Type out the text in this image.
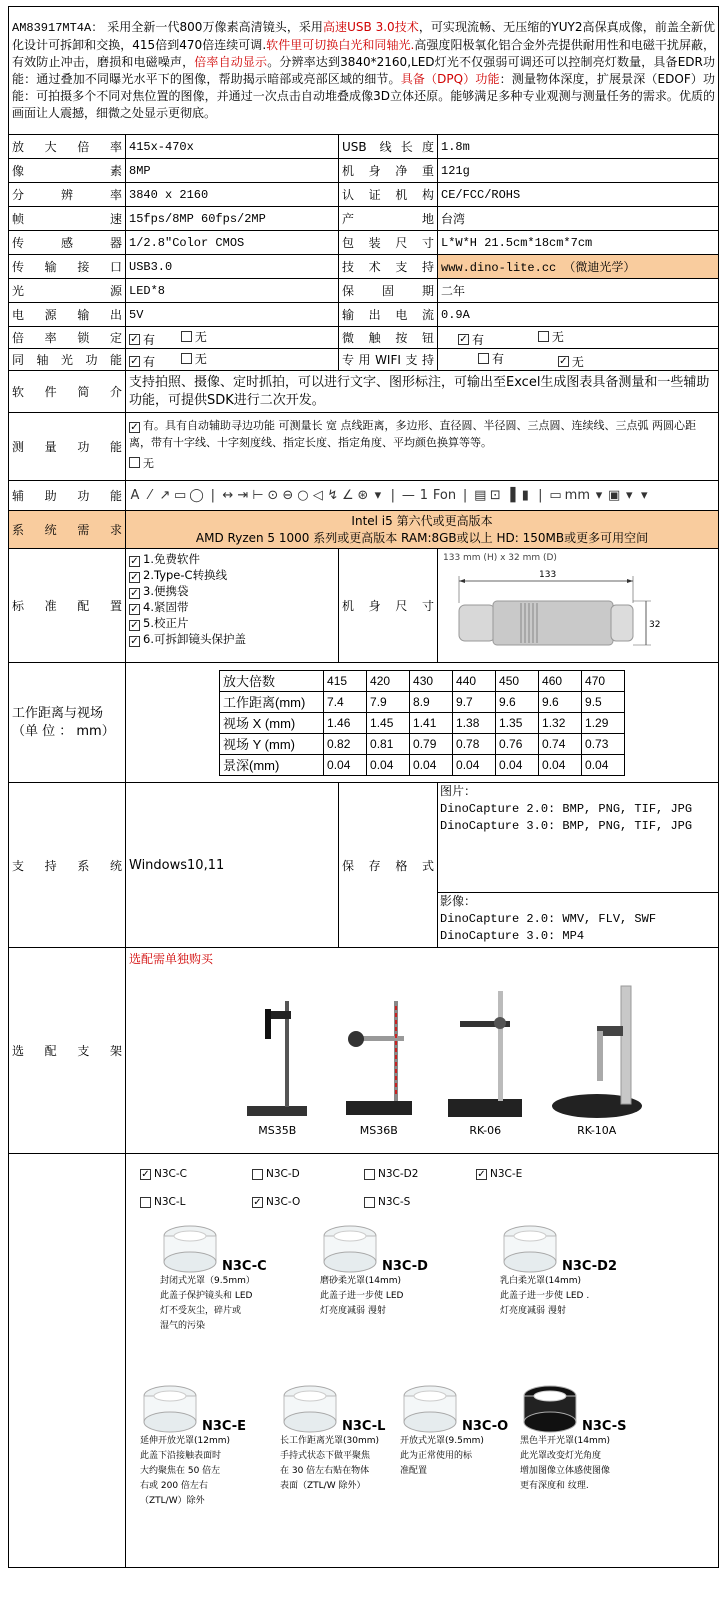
AM83917MT4A： 采用全新一代800万像素高清镜头，采用高速USB 3.0技术，可实现流畅、无压缩的YUY2高保真成像，前盖全新优化设计可拆卸和交换，415倍到470倍连续可调.软件里可切换白光和同轴光.高强度阳极氧化铝合金外壳提供耐用性和电磁干扰屏蔽，有效防止冲击，磨损和电磁噪声，倍率自动显示。分辨率达到3840*2160,LED灯光不仅强弱可调还可以控制亮灯数量，具备EDR功能：通过叠加不同曝光水平下的图像，帮助揭示暗部或亮部区域的细节。具备（DPQ）功能：测量物体深度，扩展景深（EDOF）功能：可拍摄多个不同对焦位置的图像，并通过一次点击自动堆叠成像3D立体还原。能够满足多种专业观测与测量任务的需求。优质的画面让人震撼，细微之处显示更彻底。
放 大 倍 率	415x-470x	USB 线长度	1.8m
像 素	8MP	机 身 净 重	121g
分 辨 率	3840 x 2160	认 证 机 构	CE/FCC/ROHS
帧 速	15fps/8MP 60fps/2MP	产 地	台湾
传 感 器	1/2.8"Color CMOS	包 装 尺 寸	L*W*H 21.5cm*18cm*7cm
传 输 接 口	USB3.0	技 术 支 持	www.dino-lite.cc （微迪光学）
光 源	LED*8	保 固 期	二年
电 源 输 出	5V	输 出 电 流	0.9A
倍 率 锁 定	✓ 有
	无	微 触 按 钮	✓ 有
	无

同 轴 光 功 能	✓ 有
	无	专用WIFI支持	有
	✓ 无

软 件 简 介	支持拍照、摄像、定时抓拍，可以进行文字、图形标注，可输出至Excel生成图表具备测量和一些辅助功能，可提供SDK进行二次开发。
测 量 功 能	
✓ 有。具有自动辅助寻边功能 可测量长 宽 点线距离，多边形、直径圆、半径圆、三点圆、连续线、三点弧 两圆心距离，带有十字线、十字刻度线、指定长度、指定角度、平均颜色换算等等。
无

辅 助 功 能	A ⁄ ↗ ▭ ◯ | ↔ ⇥ ⊢ ⊙ ⊖ ○ ◁ ↯ ∠ ⊛ ▾ | — 1 Fon | ▤ ⊡ ▐ ▮ | ▭ mm ▾ ▣ ▾ ▾

系 统 需 求	
Intel i5 第六代或更高版本
AMD Ryzen 5 1000 系列或更高版本 RAM:8GB或以上 HD: 150MB或更多可用空间

标 准 配 置	
✓ 1.免费软件
✓ 2.Type-C转换线
✓ 3.便携袋
✓ 4.紧固带
✓ 5.校正片
✓ 6.可拆卸镜头保护盖
	机 身 尺 寸	
133 mm (H) x 32 mm (D)
133
32

工作距离与视场
（单 位 ： mm）

放大倍数	415	420	430	440	450	460	470
工作距离(mm)	7.4	7.9	8.9	9.7	9.6	9.6	9.5
视场 X (mm)	1.46	1.45	1.41	1.38	1.35	1.32	1.29
视场 Y (mm)	0.82	0.81	0.79	0.78	0.76	0.74	0.73
景深(mm)	0.04	0.04	0.04	0.04	0.04	0.04	0.04

支 持 系 统	Windows10,11	保 存 格 式	
图片：
DinoCapture 2.0: BMP, PNG, TIF, JPG
DinoCapture 3.0: BMP, PNG, TIF, JPG
影像：
DinoCapture 2.0: WMV, FLV, SWF
DinoCapture 3.0: MP4

选 配 支 架	
选配需单独购买
MS35B	MS36B	RK-06	RK-10A

✓ N3C-C	N3C-D	N3C-D2	✓ N3C-E
N3C-L	✓ N3C-O	N3C-S
N3C-C
封闭式光罩（9.5mm）
此盖子保护镜头和 LED
灯不受灰尘，碎片或
湿气的污染
N3C-D
磨砂柔光罩(14mm)
此盖子进一步使 LED
灯亮度减弱 漫射
N3C-D2
乳白柔光罩(14mm)
此盖子进一步使 LED .
灯亮度减弱 漫射
N3C-E
延伸开放光罩(12mm)
此盖下沿接触表面时
大约聚焦在 50 倍左
右或 200 倍左右
（ZTL/W）除外
N3C-L
长工作距离光罩(30mm)
手持式状态下做平聚焦
在 30 倍左右贴在物体
表面（ZTL/W 除外）
N3C-O
开放式光罩(9.5mm)
此为正常使用的标
准配置
N3C-S
黑色半开光罩(14mm)
此光罩改变灯光角度
增加图像立体感使图像
更有深度和 纹理.
